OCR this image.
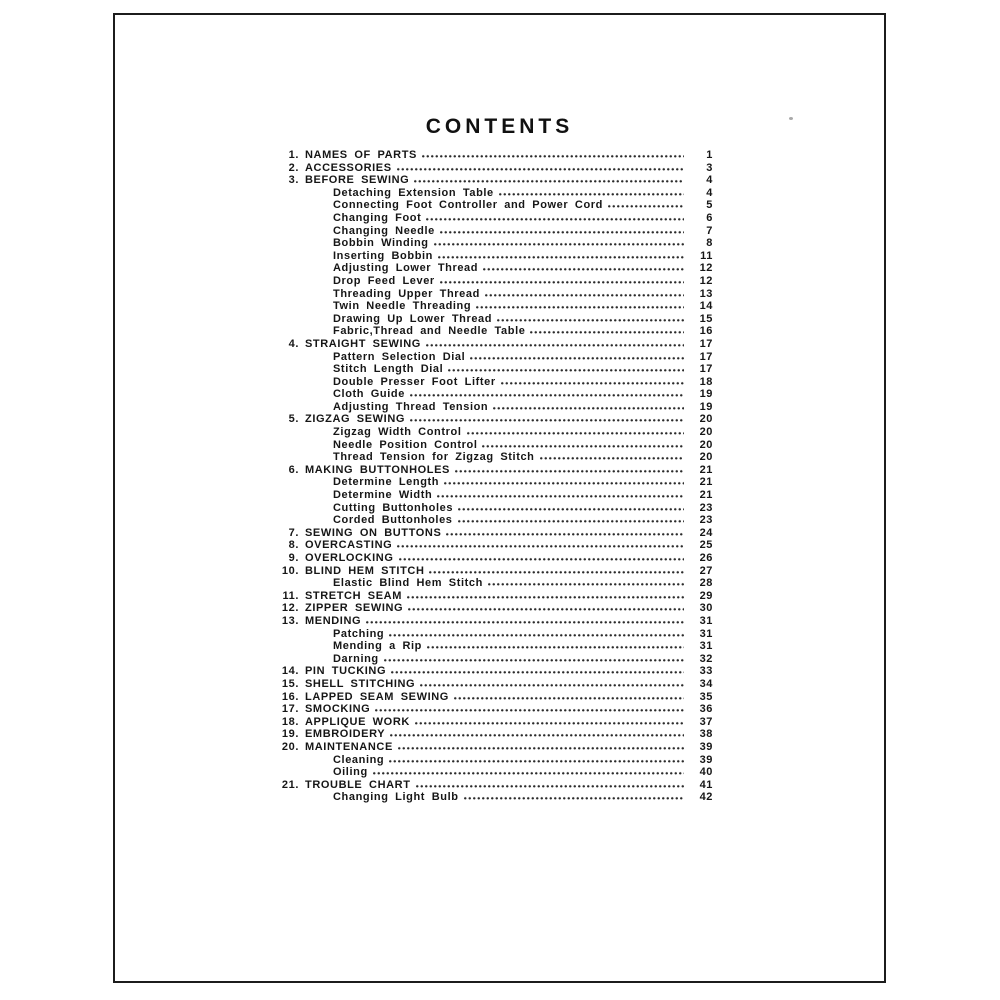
CONTENTS
1. NAMES OF PARTS	1
2. ACCESSORIES	3
3. BEFORE SEWING	4
Detaching Extension Table	4
Connecting Foot Controller and Power Cord	5
Changing Foot	6
Changing Needle	7
Bobbin Winding	8
Inserting Bobbin	11
Adjusting Lower Thread	12
Drop Feed Lever	12
Threading Upper Thread	13
Twin Needle Threading	14
Drawing Up Lower Thread	15
Fabric,Thread and Needle Table	16
4. STRAIGHT SEWING	17
Pattern Selection Dial	17
Stitch Length Dial	17
Double Presser Foot Lifter	18
Cloth Guide	19
Adjusting Thread Tension	19
5. ZIGZAG SEWING	20
Zigzag Width Control	20
Needle Position Control	20
Thread Tension for Zigzag Stitch	20
6. MAKING BUTTONHOLES	21
Determine Length	21
Determine Width	21
Cutting Buttonholes	23
Corded Buttonholes	23
7. SEWING ON BUTTONS	24
8. OVERCASTING	25
9. OVERLOCKING	26
10. BLIND HEM STITCH	27
Elastic Blind Hem Stitch	28
11. STRETCH SEAM	29
12. ZIPPER SEWING	30
13. MENDING	31
Patching	31
Mending a Rip	31
Darning	32
14. PIN TUCKING	33
15. SHELL STITCHING	34
16. LAPPED SEAM SEWING	35
17. SMOCKING	36
18. APPLIQUE WORK	37
19. EMBROIDERY	38
20. MAINTENANCE	39
Cleaning	39
Oiling	40
21. TROUBLE CHART	41
Changing Light Bulb	42
